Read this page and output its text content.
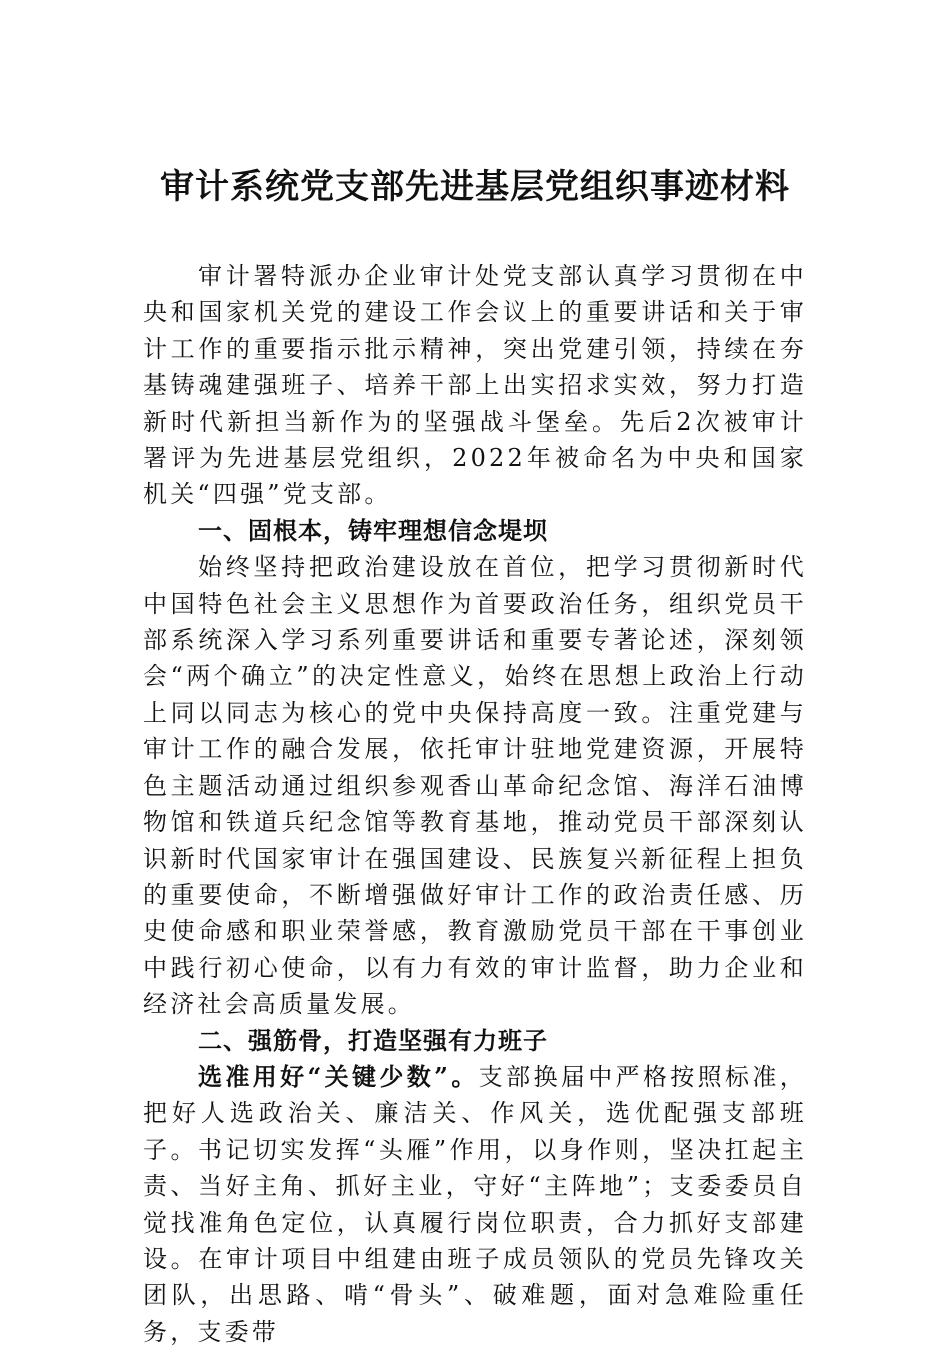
审计系统党支部先进基层党组织事迹材料

审计署特派办企业审计处党支部认真学习贯彻在中央和国家机关党的建设工作会议上的重要讲话和关于审计工作的重要指示批示精神，突出党建引领，持续在夯基铸魂建强班子、培养干部上出实招求实效，努力打造新时代新担当新作为的坚强战斗堡垒。先后2次被审计署评为先进基层党组织，2022年被命名为中央和国家机关“四强”党支部。

一、固根本，铸牢理想信念堤坝

始终坚持把政治建设放在首位，把学习贯彻新时代中国特色社会主义思想作为首要政治任务，组织党员干部系统深入学习系列重要讲话和重要专著论述，深刻领会“两个确立”的决定性意义，始终在思想上政治上行动上同以同志为核心的党中央保持高度一致。注重党建与审计工作的融合发展，依托审计驻地党建资源，开展特色主题活动通过组织参观香山革命纪念馆、海洋石油博物馆和铁道兵纪念馆等教育基地，推动党员干部深刻认识新时代国家审计在强国建设、民族复兴新征程上担负的重要使命，不断增强做好审计工作的政治责任感、历史使命感和职业荣誉感，教育激励党员干部在干事创业中践行初心使命，以有力有效的审计监督，助力企业和经济社会高质量发展。

二、强筋骨，打造坚强有力班子

选准用好“关键少数”。支部换届中严格按照标准，把好人选政治关、廉洁关、作风关，选优配强支部班子。书记切实发挥“头雁”作用，以身作则，坚决扛起主责、当好主角、抓好主业，守好“主阵地”；支委委员自觉找准角色定位，认真履行岗位职责，合力抓好支部建设。在审计项目中组建由班子成员领队的党员先锋攻关团队，出思路、啃“骨头”、破难题，面对急难险重任务，支委带
